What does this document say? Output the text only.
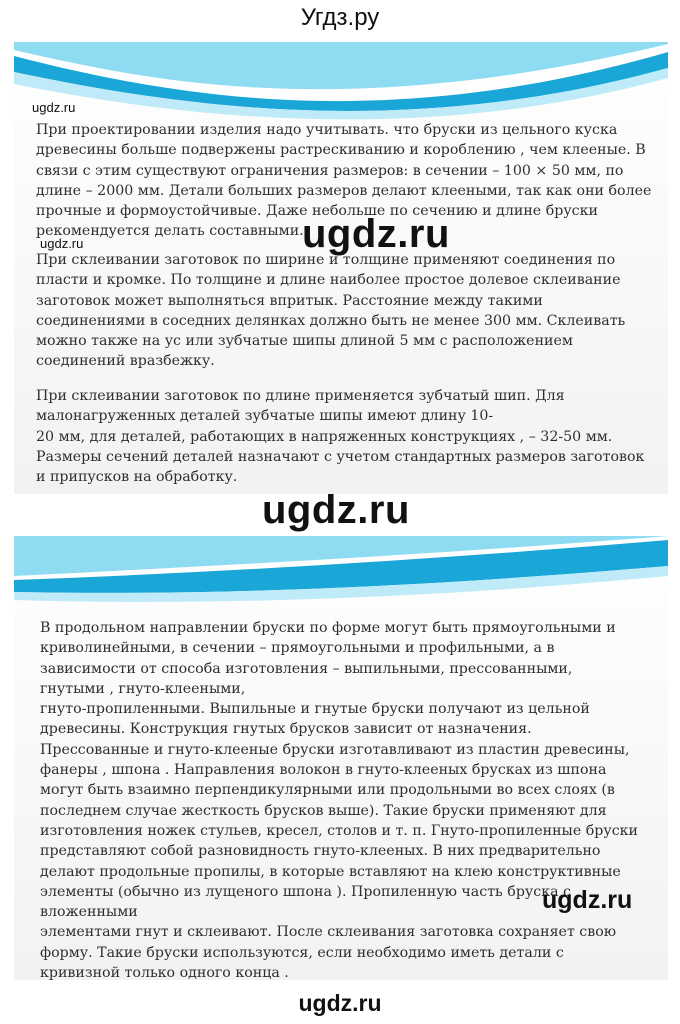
Угдз.ру

При проектировании изделия надо учитывать. что бруски из цельного куска
древесины больше подвержены растрескиванию и короблению , чем клееные. В
связи с этим существуют ограничения размеров: в сечении – 100 × 50 мм, по
длине – 2000 мм. Детали больших размеров делают клееными, так как они более
прочные и формоустойчивые. Даже небольше по сечению и длине бруски
рекомендуется делать составными.

При склеивании заготовок по ширине и толщине применяют соединения по
пласти и кромке. По толщине и длине наиболее простое долевое склеивание
заготовок может выполняться впритык. Расстояние между такими
соединениями в соседних делянках должно быть не менее 300 мм. Склеивать
можно также на ус или зубчатые шипы длиной 5 мм с расположением
соединений вразбежку.

При склеивании заготовок по длине применяется зубчатый шип. Для
малонагруженных деталей зубчатые шипы имеют длину 10-
20 мм, для деталей, работающих в напряженных конструкциях , – 32-50 мм.
Размеры сечений деталей назначают с учетом стандартных размеров заготовок
и припусков на обработку.

В продольном направлении бруски по форме могут быть прямоугольными и
криволинейными, в сечении – прямоугольными и профильными, а в
зависимости от способа изготовления – выпильными, прессованными,
гнутыми , гнуто-клееными,
гнуто-пропиленными. Выпильные и гнутые бруски получают из цельной
древесины. Конструкция гнутых брусков зависит от назначения.
Прессованные и гнуто-клееные бруски изготавливают из пластин древесины,
фанеры , шпона . Направления волокон в гнуто-клееных брусках из шпона
могут быть взаимно перпендикулярными или продольными во всех слоях (в
последнем случае жесткость брусков выше). Такие бруски применяют для
изготовления ножек стульев, кресел, столов и т. п. Гнуто-пропиленные бруски
представляют собой разновидность гнуто-клееных. В них предварительно
делают продольные пропилы, в которые вставляют на клею конструктивные
элементы (обычно из лущеного шпона ). Пропиленную часть бруска с
вложенными
элементами гнут и склеивают. После склеивания заготовка сохраняет свою
форму. Такие бруски используются, если необходимо иметь детали с
кривизной только одного конца .

ugdz.ru
ugdz.ru	ugdz.ru
ugdz.ru
ugdz.ru
ugdz.ru
